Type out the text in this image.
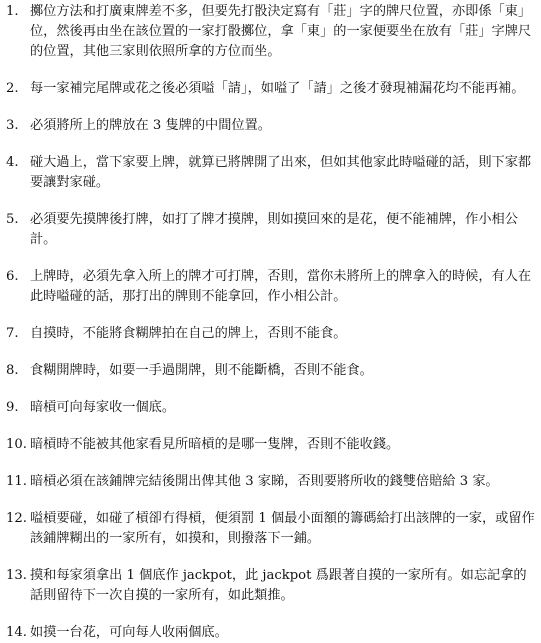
1. 擲位方法和打廣東牌差不多，但要先打骰決定寫有「莊」字的牌尺位置，亦即係「東」位，然後再由坐在該位置的一家打骰擲位，拿「東」的一家便要坐在放有「莊」字牌尺的位置，其他三家則依照所拿的方位而坐。
2. 每一家補完尾牌或花之後必須嗌「請」，如嗌了「請」之後才發現補漏花均不能再補。
3. 必須將所上的牌放在 3 隻牌的中間位置。
4. 碰大過上，當下家要上牌，就算已將牌開了出來，但如其他家此時嗌碰的話，則下家都要讓對家碰。
5. 必須要先摸牌後打牌，如打了牌才摸牌，則如摸回來的是花，便不能補牌，作小相公計。
6. 上牌時，必須先拿入所上的牌才可打牌，否則，當你未將所上的牌拿入的時候，有人在此時嗌碰的話，那打出的牌則不能拿回，作小相公計。
7. 自摸時，不能將食糊牌拍在自己的牌上，否則不能食。
8. 食糊開牌時，如要一手過開牌，則不能斷橋，否則不能食。
9. 暗槓可向每家收一個底。
10. 暗槓時不能被其他家看見所暗槓的是哪一隻牌，否則不能收錢。
11. 暗槓必須在該鋪牌完結後開出俾其他 3 家睇，否則要將所收的錢雙倍賠給 3 家。
12. 嗌槓要碰，如碰了槓卻冇得槓，便須罰 1 個最小面額的籌碼給打出該牌的一家，或留作該鋪牌糊出的一家所有，如摸和，則撥落下一鋪。
13. 摸和每家須拿出 1 個底作 jackpot，此 jackpot 爲跟著自摸的一家所有。如忘記拿的話則留待下一次自摸的一家所有，如此類推。
14. 如摸一台花，可向每人收兩個底。
